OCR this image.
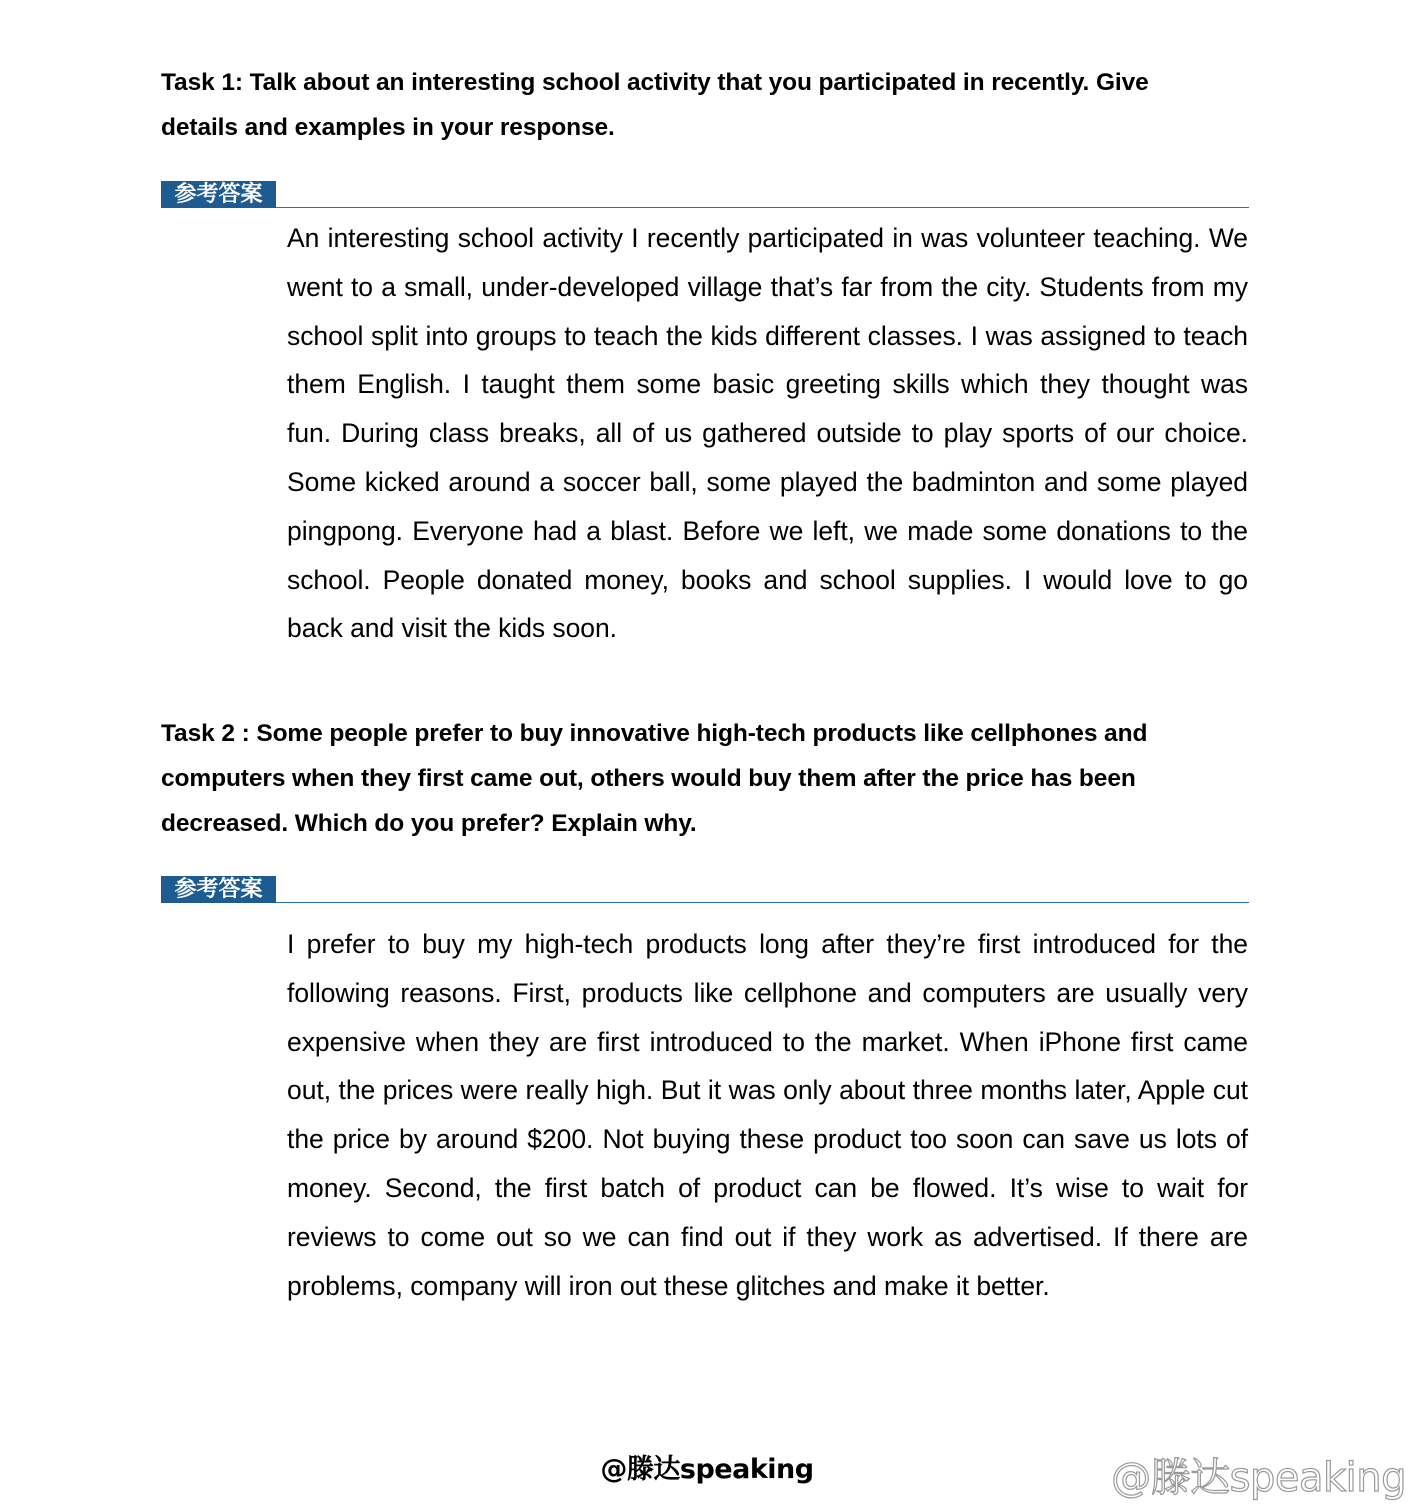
Task 1: Talk about an interesting school activity that you participated in recently. Give details and examples in your response.
参考答案
An interesting school activity I recently participated in was volunteer teaching. We went to a small, under-developed village that’s far from the city. Students from my school split into groups to teach the kids different classes. I was assigned to teach them English. I taught them some basic greeting skills which they thought was fun. During class breaks, all of us gathered outside to play sports of our choice. Some kicked around a soccer ball, some played the badminton and some played pingpong. Everyone had a blast. Before we left, we made some donations to the school. People donated money, books and school supplies. I would love to go back and visit the kids soon.
Task 2 : Some people prefer to buy innovative high-tech products like cellphones and computers when they first came out, others would buy them after the price has been decreased. Which do you prefer? Explain why.
参考答案
I prefer to buy my high-tech products long after they’re first introduced for the following reasons. First, products like cellphone and computers are usually very expensive when they are first introduced to the market. When iPhone first came out, the prices were really high. But it was only about three months later, Apple cut the price by around $200. Not buying these product too soon can save us lots of money. Second, the first batch of product can be flowed. It’s wise to wait for reviews to come out so we can find out if they work as advertised. If there are problems, company will iron out these glitches and make it better.
@滕达speaking	@滕达speaking
